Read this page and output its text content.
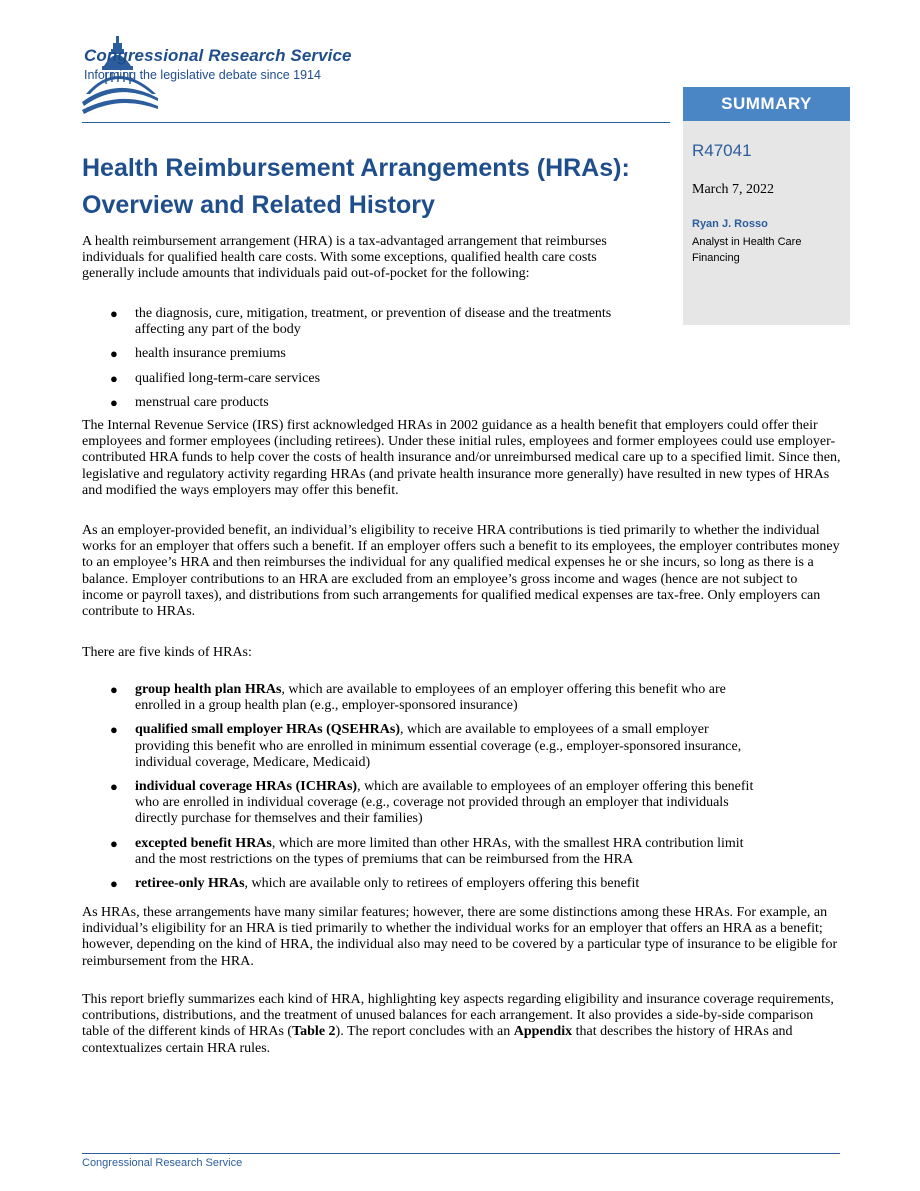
Congressional Research Service
Informing the legislative debate since 1914
SUMMARY
R47041
March 7, 2022
Ryan J. Rosso
Analyst in Health Care Financing
Health Reimbursement Arrangements (HRAs):
Overview and Related History

A health reimbursement arrangement (HRA) is a tax-advantaged arrangement that reimburses individuals for qualified health care costs. With some exceptions, qualified health care costs generally include amounts that individuals paid out-of-pocket for the following:

● the diagnosis, cure, mitigation, treatment, or prevention of disease and the treatments affecting any part of the body
● health insurance premiums
● qualified long-term-care services
● menstrual care products

The Internal Revenue Service (IRS) first acknowledged HRAs in 2002 guidance as a health benefit that employers could offer their employees and former employees (including retirees). Under these initial rules, employees and former employees could use employer-contributed HRA funds to help cover the costs of health insurance and/or unreimbursed medical care up to a specified limit. Since then, legislative and regulatory activity regarding HRAs (and private health insurance more generally) have resulted in new types of HRAs and modified the ways employers may offer this benefit.

As an employer-provided benefit, an individual’s eligibility to receive HRA contributions is tied primarily to whether the individual works for an employer that offers such a benefit. If an employer offers such a benefit to its employees, the employer contributes money to an employee’s HRA and then reimburses the individual for any qualified medical expenses he or she incurs, so long as there is a balance. Employer contributions to an HRA are excluded from an employee’s gross income and wages (hence are not subject to income or payroll taxes), and distributions from such arrangements for qualified medical expenses are tax-free. Only employers can contribute to HRAs.

There are five kinds of HRAs:

● group health plan HRAs, which are available to employees of an employer offering this benefit who are enrolled in a group health plan (e.g., employer-sponsored insurance)
● qualified small employer HRAs (QSEHRAs), which are available to employees of a small employer providing this benefit who are enrolled in minimum essential coverage (e.g., employer-sponsored insurance, individual coverage, Medicare, Medicaid)
● individual coverage HRAs (ICHRAs), which are available to employees of an employer offering this benefit who are enrolled in individual coverage (e.g., coverage not provided through an employer that individuals directly purchase for themselves and their families)
● excepted benefit HRAs, which are more limited than other HRAs, with the smallest HRA contribution limit and the most restrictions on the types of premiums that can be reimbursed from the HRA
● retiree-only HRAs, which are available only to retirees of employers offering this benefit

As HRAs, these arrangements have many similar features; however, there are some distinctions among these HRAs. For example, an individual’s eligibility for an HRA is tied primarily to whether the individual works for an employer that offers an HRA as a benefit; however, depending on the kind of HRA, the individual also may need to be covered by a particular type of insurance to be eligible for reimbursement from the HRA.

This report briefly summarizes each kind of HRA, highlighting key aspects regarding eligibility and insurance coverage requirements, contributions, distributions, and the treatment of unused balances for each arrangement. It also provides a side-by-side comparison table of the different kinds of HRAs (Table 2). The report concludes with an Appendix that describes the history of HRAs and contextualizes certain HRA rules.

Congressional Research Service
